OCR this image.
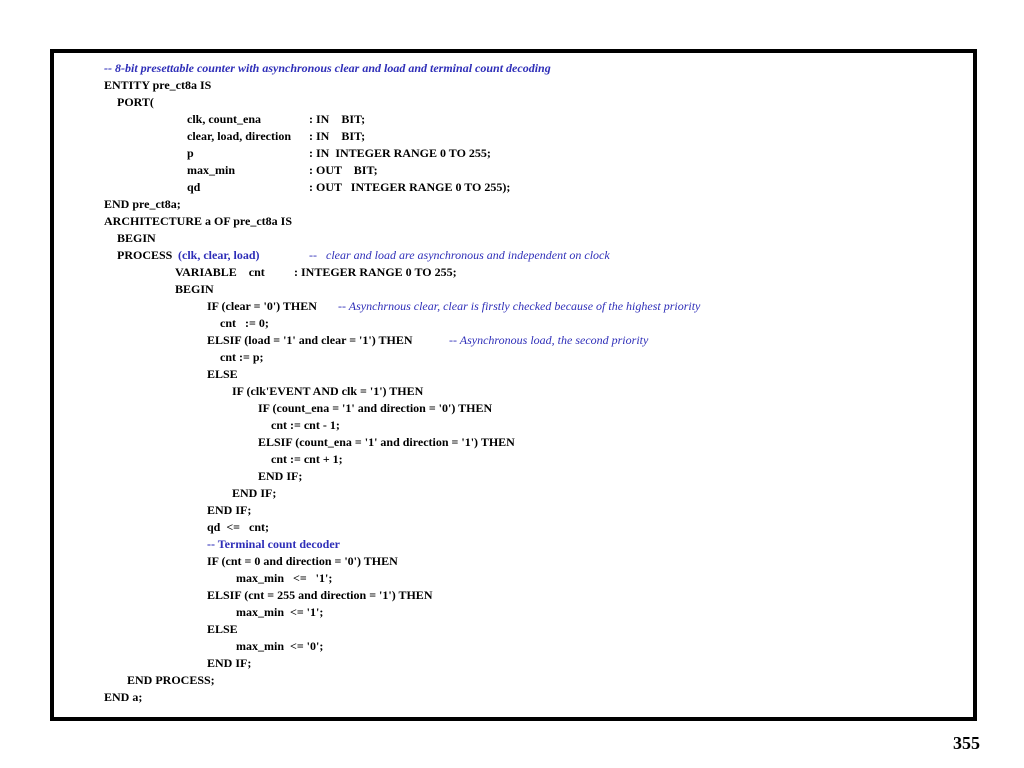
-- 8-bit presettable counter with asynchronous clear and load and terminal count decoding
ENTITY pre_ct8a IS
PORT(
clk, count_ena	: IN    BIT;
clear, load, direction : IN    BIT;
p	: IN  INTEGER RANGE 0 TO 255;
max_min	: OUT    BIT;
qd	: OUT   INTEGER RANGE 0 TO 255);
END pre_ct8a;
ARCHITECTURE a OF pre_ct8a IS
BEGIN
PROCESS (clk, clear, load)	--   clear and load are asynchronous and independent on clock
VARIABLE    cnt : INTEGER RANGE 0 TO 255;
BEGIN
IF (clear = '0') THEN -- Asynchrnous clear, clear is firstly checked because of the highest priority
cnt   := 0;
ELSIF (load = '1' and clear = '1') THEN	-- Asynchronous load, the second priority
cnt := p;
ELSE
IF (clk'EVENT AND clk = '1') THEN
IF (count_ena = '1' and direction = '0') THEN
cnt := cnt - 1;
ELSIF (count_ena = '1' and direction = '1') THEN
cnt := cnt + 1;
END IF;
END IF;
END IF;
qd  <=   cnt;
-- Terminal count decoder
IF (cnt = 0 and direction = '0') THEN
max_min   <=   '1';
ELSIF (cnt = 255 and direction = '1') THEN
max_min  <= '1';
ELSE
max_min  <= '0';
END IF;
END PROCESS;
END a;
355
